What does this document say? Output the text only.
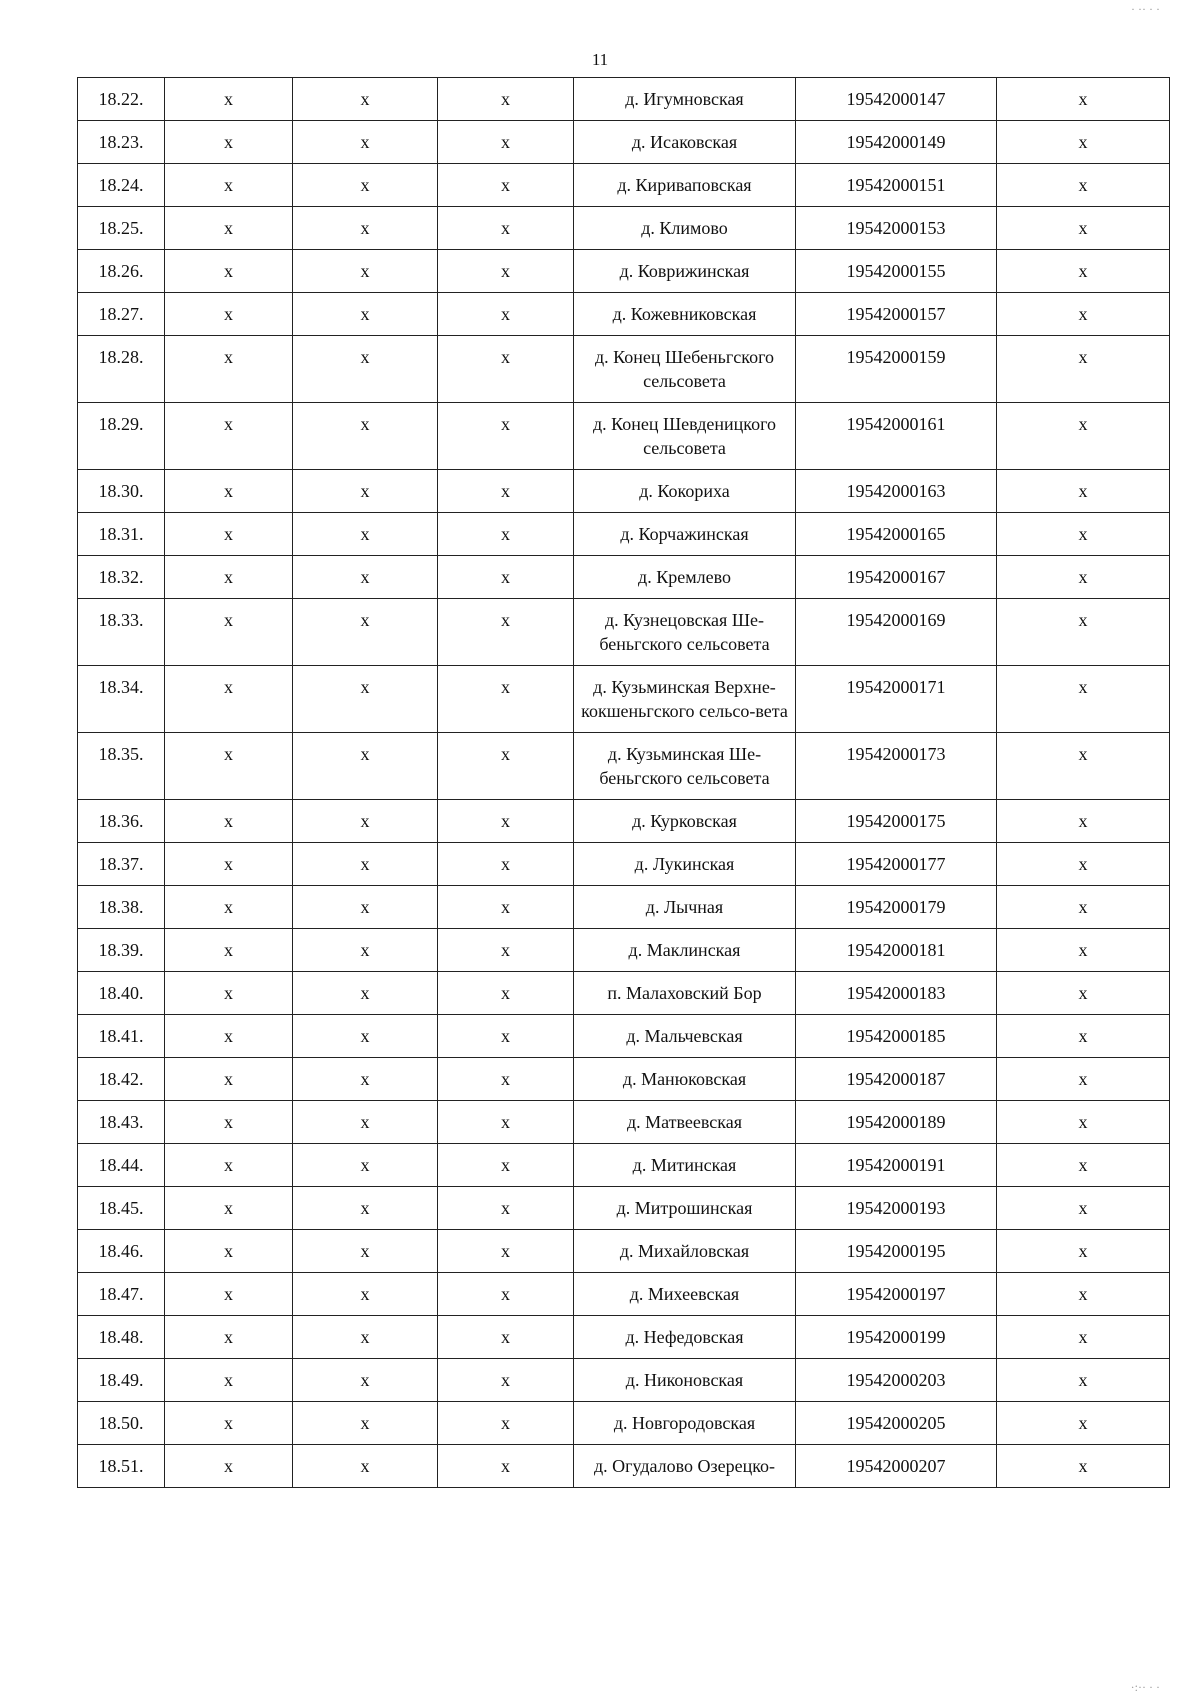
11
18.22.	х	х	х	д. Игумновская	19542000147	х
18.23.	х	х	х	д. Исаковская	19542000149	х
18.24.	х	х	х	д. Кириваповская	19542000151	х
18.25.	х	х	х	д. Климово	19542000153	х
18.26.	х	х	х	д. Коврижинская	19542000155	х
18.27.	х	х	х	д. Кожевниковская	19542000157	х
18.28.	х	х	х	д. Конец Шебеньгского сельсовета	19542000159	х
18.29.	х	х	х	д. Конец Шевденицкого сельсовета	19542000161	х
18.30.	х	х	х	д. Кокориха	19542000163	х
18.31.	х	х	х	д. Корчажинская	19542000165	х
18.32.	х	х	х	д. Кремлево	19542000167	х
18.33.	х	х	х	д. Кузнецовская Ше-беньгского сельсовета	19542000169	х
18.34.	х	х	х	д. Кузьминская Верхне-кокшеньгского сельсо-вета	19542000171	х
18.35.	х	х	х	д. Кузьминская Ше-беньгского сельсовета	19542000173	х
18.36.	х	х	х	д. Курковская	19542000175	х
18.37.	х	х	х	д. Лукинская	19542000177	х
18.38.	х	х	х	д. Лычная	19542000179	х
18.39.	х	х	х	д. Маклинская	19542000181	х
18.40.	х	х	х	п. Малаховский Бор	19542000183	х
18.41.	х	х	х	д. Мальчевская	19542000185	х
18.42.	х	х	х	д. Манюковская	19542000187	х
18.43.	х	х	х	д. Матвеевская	19542000189	х
18.44.	х	х	х	д. Митинская	19542000191	х
18.45.	х	х	х	д. Митрошинская	19542000193	х
18.46.	х	х	х	д. Михайловская	19542000195	х
18.47.	х	х	х	д. Михеевская	19542000197	х
18.48.	х	х	х	д. Нефедовская	19542000199	х
18.49.	х	х	х	д. Никоновская	19542000203	х
18.50.	х	х	х	д. Новгородовская	19542000205	х
18.51.	х	х	х	д. Огудалово Озерецко-	19542000207	х
· ·· · ·
·:·· · ·
